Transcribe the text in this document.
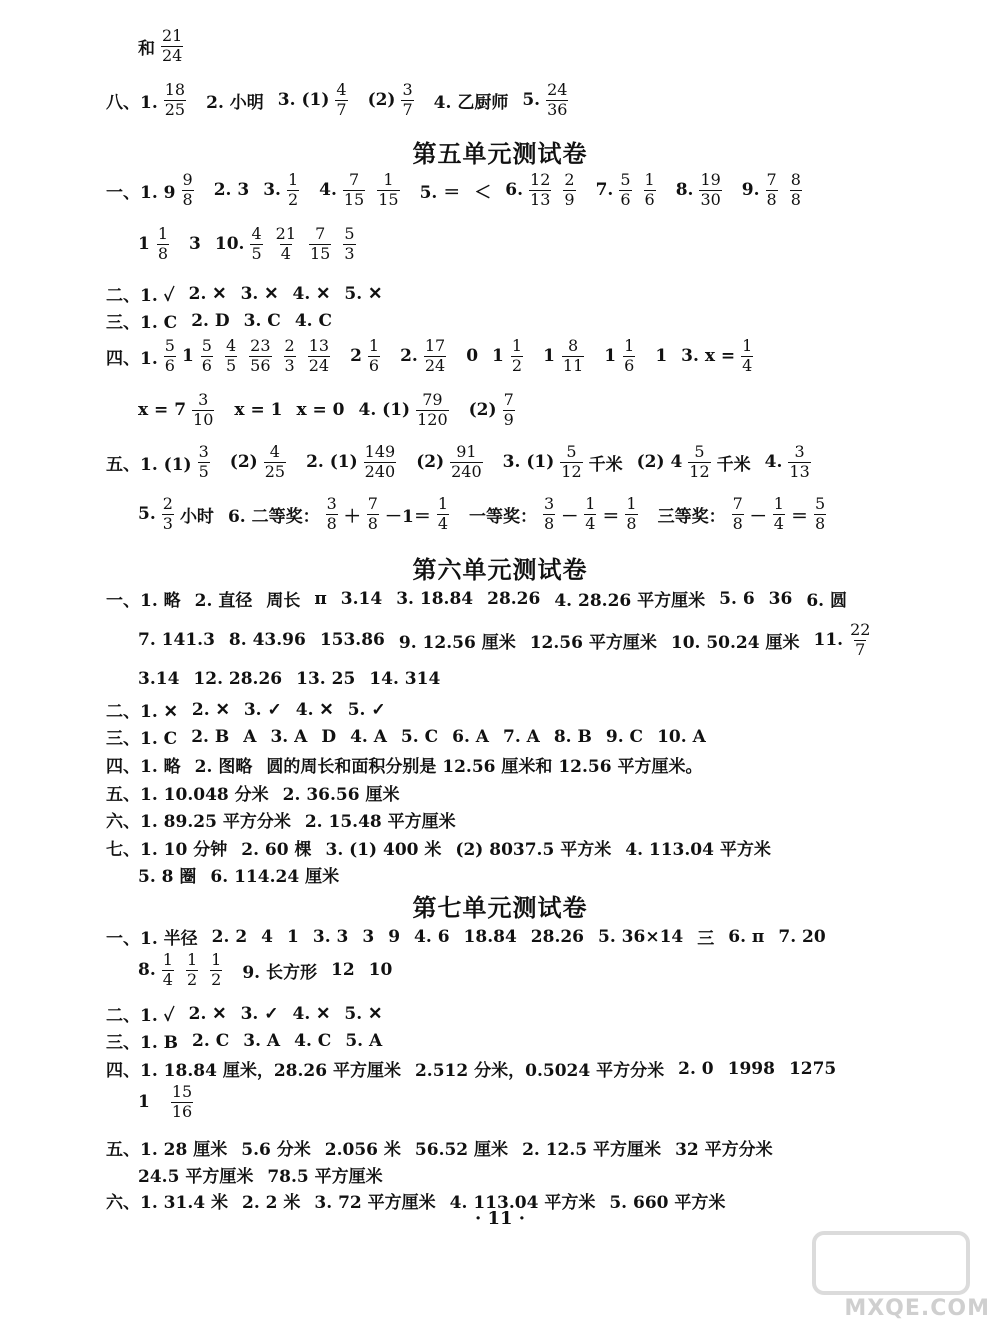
第五单元测试卷
第六单元测试卷
第七单元测试卷
和 $\frac{21}{24}$
八、1. $\frac{18}{25} 2$. 小明 3. $(1) \frac{4}{7} (2) \frac{3}{7} 4$. 乙厨师 5. $\frac{24}{36}$
一、1. $9 \frac{9}{8} 2$. 3 3. $\frac{1}{2} 4$. $\frac{7}{15} \frac{1}{15} 5$. ＝ ＜ 6. $\frac{12}{13} \frac{2}{9} 7$. $\frac{5}{6} \frac{1}{6} 8$. $\frac{19}{30} 9$. $\frac{7}{8} \frac{8}{8}$
$1 \frac{1}{8} 3$ 10. $\frac{4}{5} \frac{21}{4} \frac{7}{15} \frac{5}{3}$
二、1. ✓ 2. ✕ 3. ✕ 4. ✕ 5. ✕
三、1. C 2. D 3. C 4. C
四、1. $\frac{5}{6} 1 \frac{5}{6} \frac{4}{5} \frac{23}{56} \frac{2}{3} \frac{13}{24} 2 \frac{1}{6} 2$. $\frac{17}{24} 0$ $1 \frac{1}{2} 1 \frac{8}{11} 1 \frac{1}{6} 1$ 3. $x = \frac{1}{4}$
$x = 7 \frac{3}{10}$ x = 1 x = 0 4. $(1) \frac{79}{120} (2) \frac{7}{9}$
五、1. $(1) \frac{3}{5} (2) \frac{4}{25} 2$. $(1) \frac{149}{240} (2) \frac{91}{240} 3$. $(1) \frac{5}{12}$ 千米 (2) $4 \frac{5}{12}$ 千米 4. $\frac{3}{13}$
5. $\frac{2}{3}$ 小时 6. 二等奖： $\frac{3}{8} + \frac{7}{8} -1= \frac{1}{4}$ 一等奖： $\frac{3}{8} - \frac{1}{4} = \frac{1}{8}$ 三等奖： $\frac{7}{8} - \frac{1}{4} = \frac{5}{8}$
一、1. 略 2. 直径 周长 π 3.14 3. 18.84 28.26 4. 28.26 平方厘米 5. 6 36 6. 圆
7. 141.3 8. 43.96 153.86 9. 12.56 厘米 12.56 平方厘米 10. 50.24 厘米 11. $\frac{22}{7}$
3.14 12. 28.26 13. 25 14. 314
二、1. ✕ 2. ✕ 3. ✓ 4. ✕ 5. ✓
三、1. C 2. B A 3. A D 4. A 5. C 6. A 7. A 8. B 9. C 10. A
四、1. 略 2. 图略 圆的周长和面积分别是 12.56 厘米和 12.56 平方厘米。
五、1. 10.048 分米 2. 36.56 厘米
六、1. 89.25 平方分米 2. 15.48 平方厘米
七、1. 10 分钟 2. 60 棵 3. (1) 400 米 (2) 8037.5 平方米 4. 113.04 平方米
5. 8 圈 6. 114.24 厘米
一、1. 半径 2. 2 4 1 3. 3 3 9 4. 6 18.84 28.26 5. 36×14 三 6. π 7. 20
8. $\frac{1}{4} \frac{1}{2} \frac{1}{2} 9$. 长方形 12 10
二、1. ✓ 2. ✕ 3. ✓ 4. ✕ 5. ✕
三、1. B 2. C 3. A 4. C 5. A
四、1. 18.84 厘米，28.26 平方厘米 2.512 分米，0.5024 平方分米 2. 0 1998 1275
$1 \frac{15}{16}$
五、1. 28 厘米 5.6 分米 2.056 米 56.52 厘米 2. 12.5 平方厘米 32 平方分米
24.5 平方厘米 78.5 平方厘米
六、1. 31.4 米 2. 2 米 3. 72 平方厘米 4. 113.04 平方米 5. 660 平方米
· 11 ·
MXQE.COM
